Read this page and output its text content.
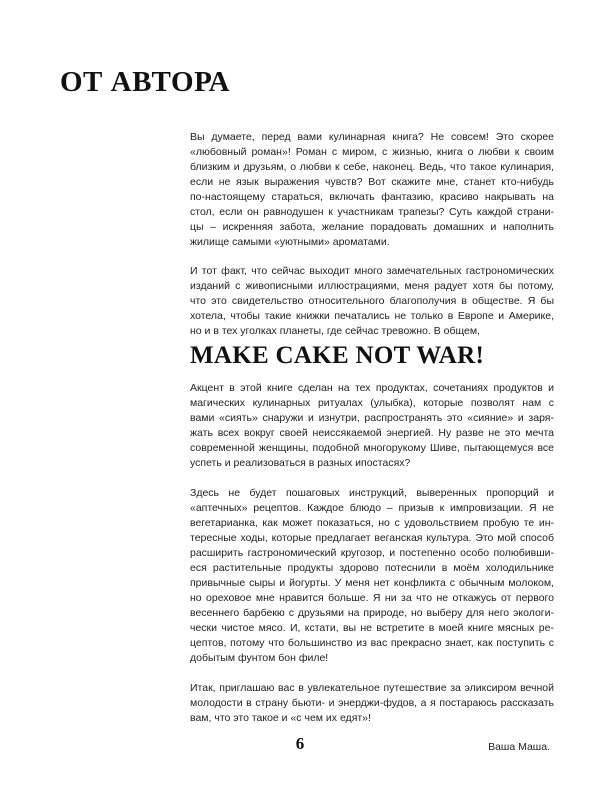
ОТ АВТОРА

Вы думаете, перед вами кулинарная книга? Не совсем! Это скорее
«любовный роман»! Роман с миром, с жизнью, книга о любви к своим
близким и друзьям, о любви к себе, наконец. Ведь, что такое кулинария,
если не язык выражения чувств? Вот скажите мне, станет кто-нибудь
по-настоящему стараться, включать фантазию, красиво накрывать на
стол, если он равнодушен к участникам трапезы? Суть каждой страни-
цы – искренняя забота, желание порадовать домашних и наполнить
жилище самыми «уютными» ароматами.

И тот факт, что сейчас выходит много замечательных гастрономических
изданий с живописными иллюстрациями, меня радует хотя бы потому,
что это свидетельство относительного благополучия в обществе. Я бы
хотела, чтобы такие книжки печатались не только в Европе и Америке,
но и в тех уголках планеты, где сейчас тревожно. В общем,

MAKE CAKE NOT WAR!

Акцент в этой книге сделан на тех продуктах, сочетаниях продуктов и
магических кулинарных ритуалах (улыбка), которые позволят нам с
вами «сиять» снаружи и изнутри, распространять это «сияние» и заря-
жать всех вокруг своей неиссякаемой энергией. Ну разве не это мечта
современной женщины, подобной многорукому Шиве, пытающемуся все
успеть и реализоваться в разных ипостасях?

Здесь не будет пошаговых инструкций, выверенных пропорций и
«аптечных» рецептов. Каждое блюдо – призыв к импровизации. Я не
вегетарианка, как может показаться, но с удовольствием пробую те ин-
тересные ходы, которые предлагает веганская культура. Это мой способ
расширить гастрономический кругозор, и постепенно особо полюбивши-
еся растительные продукты здорово потеснили в моём холодильнике
привычные сыры и йогурты. У меня нет конфликта с обычным молоком,
но ореховое мне нравится больше. Я ни за что не откажусь от первого
весеннего барбекю с друзьями на природе, но выберу для него экологи-
чески чистое мясо. И, кстати, вы не встретите в моей книге мясных ре-
цептов, потому что большинство из вас прекрасно знает, как поступить с
добытым фунтом бон филе!

Итак, приглашаю вас в увлекательное путешествие за эликсиром вечной
молодости в страну бьюти- и энерджи-фудов, а я постараюсь рассказать
вам, что это такое и «с чем их едят»!

Ваша Маша.
6
